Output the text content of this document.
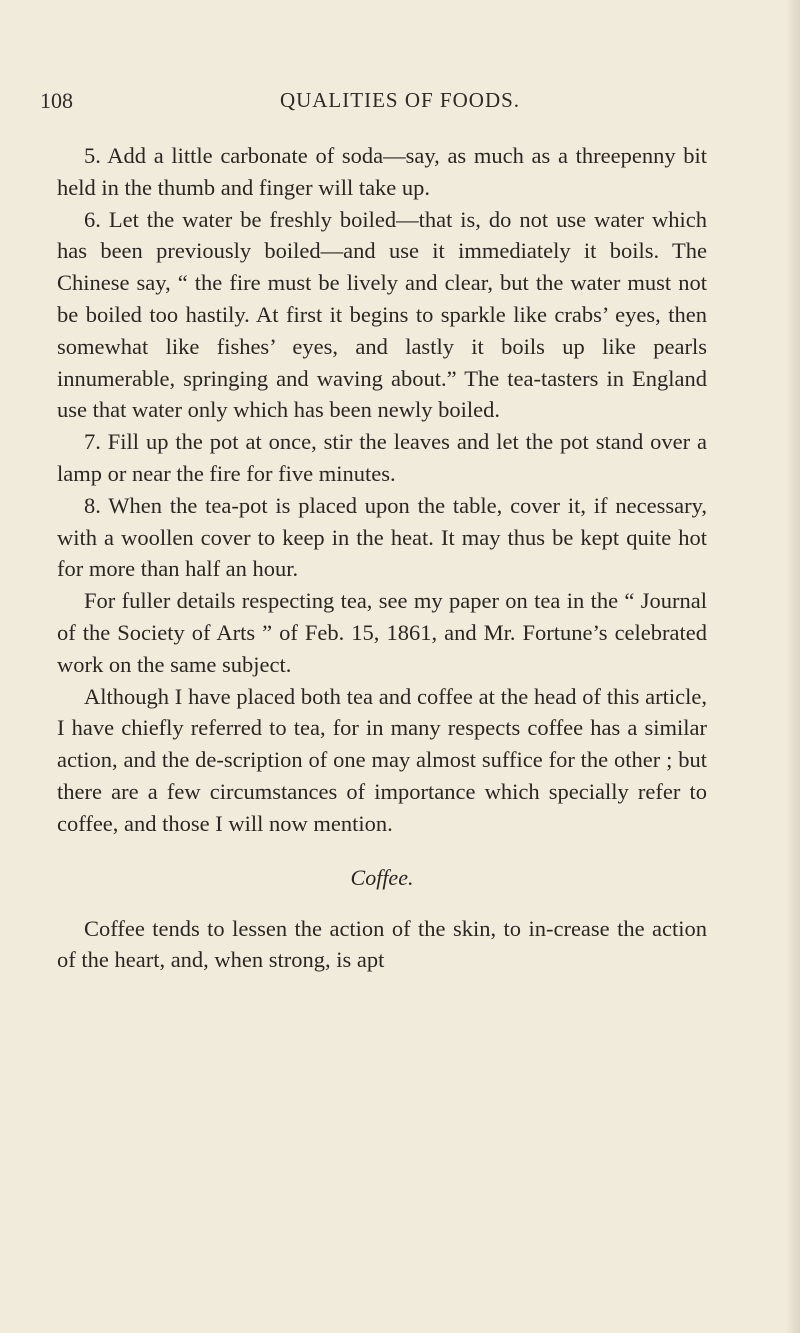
108	QUALITIES OF FOODS.

5. Add a little carbonate of soda—say, as much as a threepenny bit held in the thumb and finger will take up.

6. Let the water be freshly boiled—that is, do not use water which has been previously boiled—and use it immediately it boils. The Chinese say, “ the fire must be lively and clear, but the water must not be boiled too hastily. At first it begins to sparkle like crabs’ eyes, then somewhat like fishes’ eyes, and lastly it boils up like pearls innumerable, springing and waving about.” The tea-tasters in England use that water only which has been newly boiled.

7. Fill up the pot at once, stir the leaves and let the pot stand over a lamp or near the fire for five minutes.

8. When the tea-pot is placed upon the table, cover it, if necessary, with a woollen cover to keep in the heat. It may thus be kept quite hot for more than half an hour.

For fuller details respecting tea, see my paper on tea in the “ Journal of the Society of Arts ” of Feb. 15, 1861, and Mr. Fortune’s celebrated work on the same subject.

Although I have placed both tea and coffee at the head of this article, I have chiefly referred to tea, for in many respects coffee has a similar action, and the de-scription of one may almost suffice for the other ; but there are a few circumstances of importance which specially refer to coffee, and those I will now mention.

Coffee.

Coffee tends to lessen the action of the skin, to in-crease the action of the heart, and, when strong, is apt
